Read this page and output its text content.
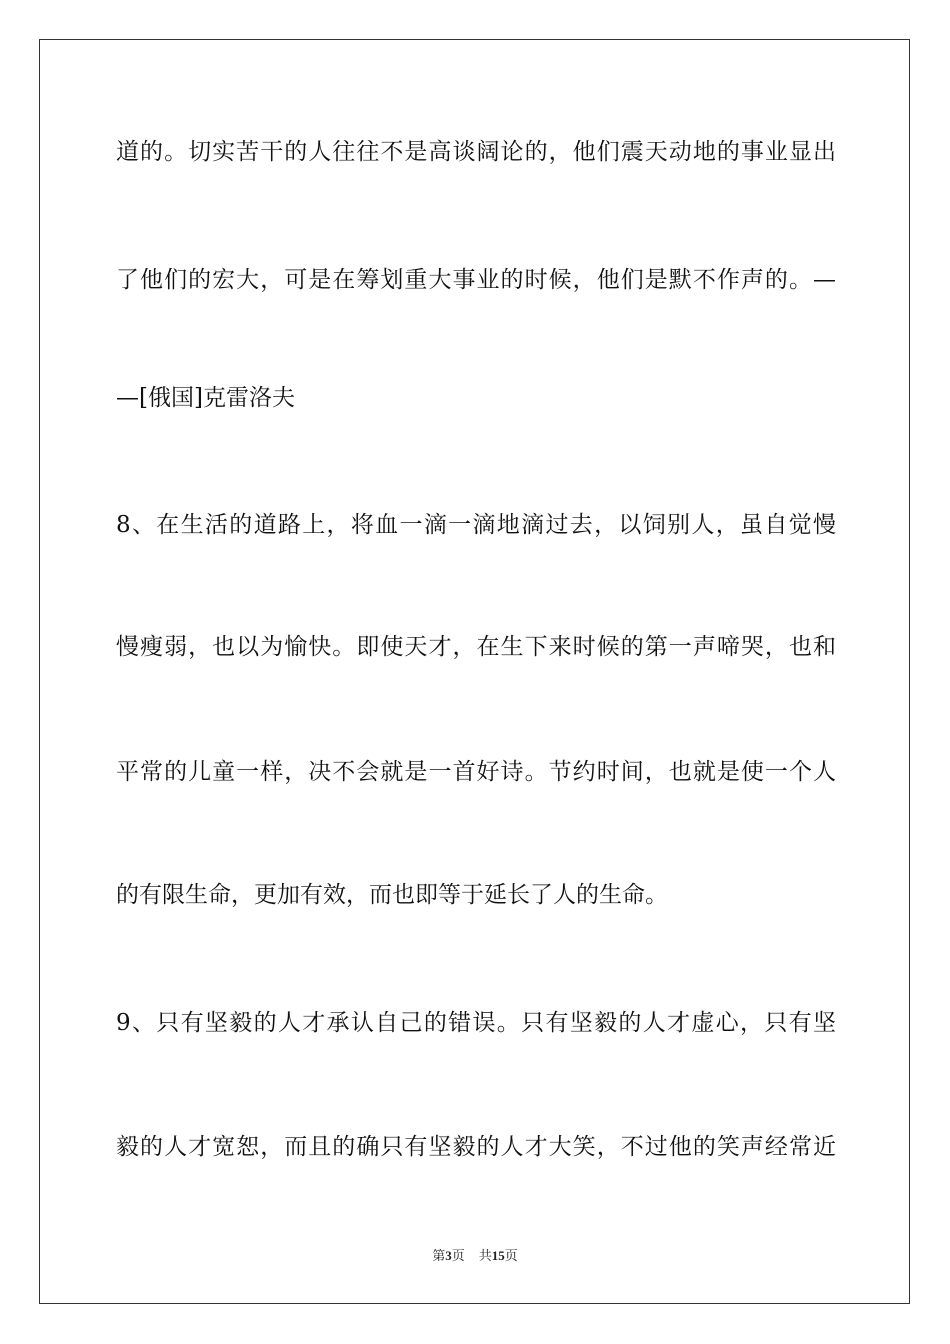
道的。切实苦干的人往往不是高谈阔论的，他们震天动地的事业显出
了他们的宏大，可是在筹划重大事业的时候，他们是默不作声的。—
—[俄国]克雷洛夫
8、在生活的道路上，将血一滴一滴地滴过去，以饲别人，虽自觉慢
慢瘦弱，也以为愉快。即使天才，在生下来时候的第一声啼哭，也和
平常的儿童一样，决不会就是一首好诗。节约时间，也就是使一个人
的有限生命，更加有效，而也即等于延长了人的生命。
9、只有坚毅的人才承认自己的错误。只有坚毅的人才虚心，只有坚
毅的人才宽恕，而且的确只有坚毅的人才大笑，不过他的笑声经常近
第3页 共15页
